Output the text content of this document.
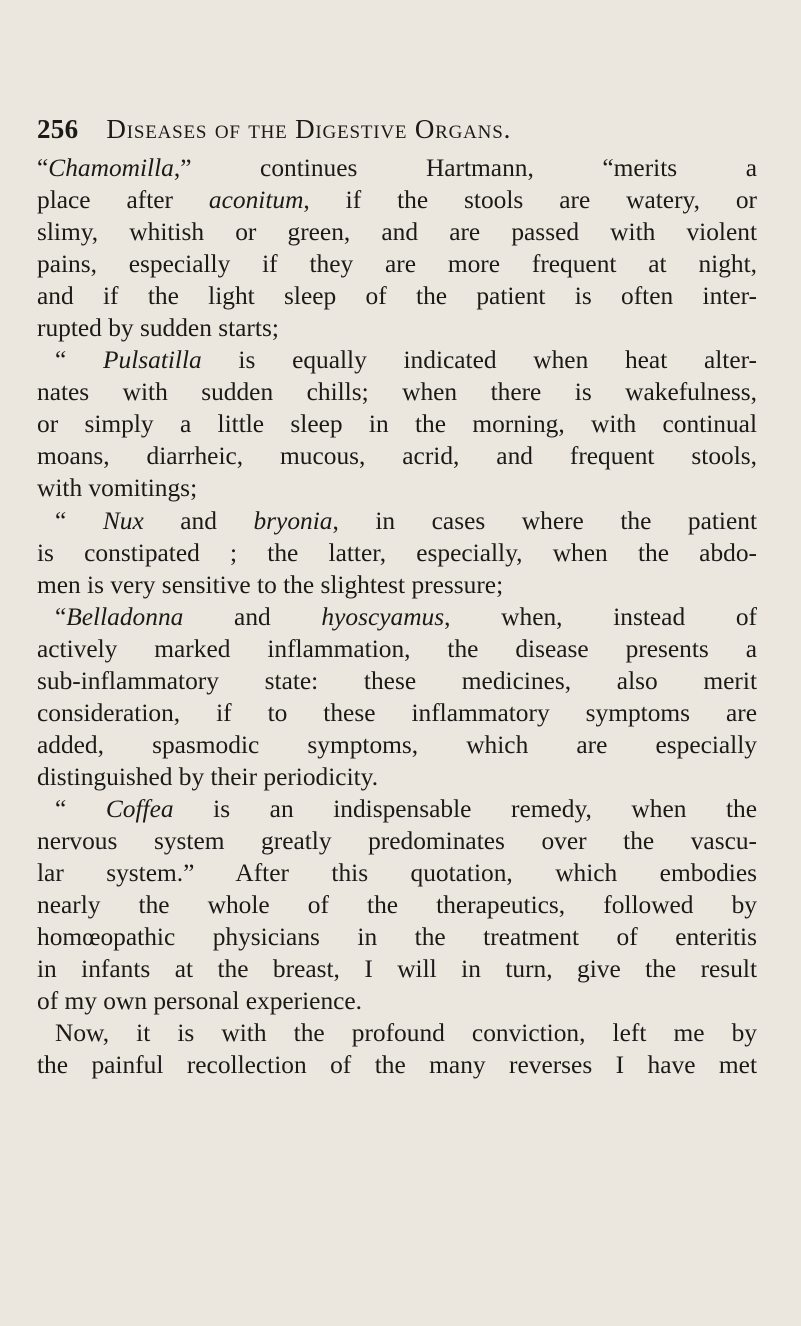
256 Diseases of the Digestive Organs.
“Chamomilla,” continues Hartmann, “merits a
place after aconitum, if the stools are watery, or
slimy, whitish or green, and are passed with violent
pains, especially if they are more frequent at night,
and if the light sleep of the patient is often inter-
rupted by sudden starts;
“ Pulsatilla is equally indicated when heat alter-
nates with sudden chills; when there is wakefulness,
or simply a little sleep in the morning, with continual
moans, diarrheic, mucous, acrid, and frequent stools,
with vomitings;
“ Nux and bryonia, in cases where the patient
is constipated ; the latter, especially, when the abdo-
men is very sensitive to the slightest pressure;
“Belladonna and hyoscyamus, when, instead of
actively marked inflammation, the disease presents a
sub-inflammatory state: these medicines, also merit
consideration, if to these inflammatory symptoms are
added, spasmodic symptoms, which are especially
distinguished by their periodicity.
“ Coffea is an indispensable remedy, when the
nervous system greatly predominates over the vascu-
lar system.” After this quotation, which embodies
nearly the whole of the therapeutics, followed by
homœopathic physicians in the treatment of enteritis
in infants at the breast, I will in turn, give the result
of my own personal experience.
Now, it is with the profound conviction, left me by
the painful recollection of the many reverses I have met
